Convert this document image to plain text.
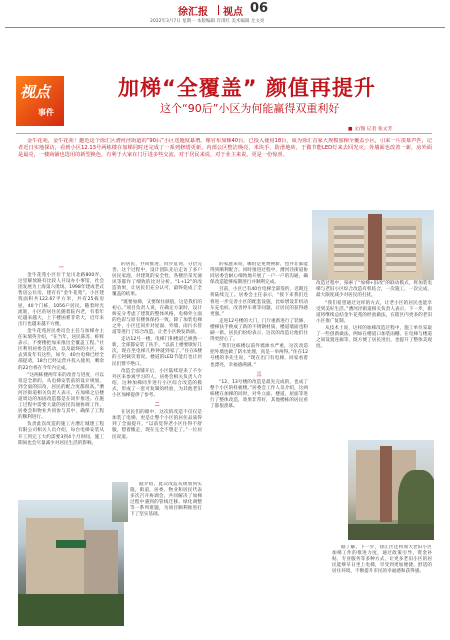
徐汇报 视点 06
2022年3月7日 星期一 本版编辑 许琪红 美术编辑 尤文亮
视点
事件
加梯“全覆盖” 颜值再提升
这个“90后”小区为何能赢得双重利好
■ 文/图 记者 张文芳

金牛花苑，金牛花苑！邀近这个徐汇区漕河泾街道的“90后”小区送题度暴增。像官布加梯40台，已投入使用18台，成为徐汇首家大规模加梯全覆盖小区，引来一片羡慕声匹，记者近日实地探访，看到小区12.13号两栋楼在加梯同时还完成了一系列修缮更新。内部公区整洁焕亮，米块手，防滑地砖，于做节能LED灯来去回光灭；外墙面也改善一新，房外面是最亮，一楼商铺也选用的新型换色，有利于大家在门厅进多些交流，对于居民来说，对于业主来说，更是一份惊喜。

一

金牛花苑小区位于龙川北路800弄，这里解放路有比较人开设办小事馆，社会团发展为上海第六批场。1998年建成老式售房公住房，建有有“金牛花苑”。小区建筑面积共122.67平方米，共有25栋房屋，40个门栋，1056户居民。随着时光流逝，小区的居住民随着院内老，有着年纪越来越大，上下楼困难非常大，近年来出行也越来越不方便。

金牛花苑居民委员会主任与加梯办主任朱瑞英介绍，“在当年，居民陈苏、虾辉表示，不要楼把加来推出全覆盖工程。”社区利用居委会活动，以及最终的小区，来去到发年有这些，如今，40台电梯已经全部提请，18台已经运营并投入使用，剩余的22台将在今年内完成。

“这两栋楼两年来的改善与进度，可以说是全新的，从电梯安装前的设计规划，到全面的旧改，居民的配合度都很高。”漕河泾街道相关负责人表示，在加梯之后楼道周边的加固改造都是在同步推进。在施工过程中需要大量的居民沟通协调工作，居委会和物业共同参与其中，确保了工程的顺利进行。

负责此次改造的施工方漕汇城建工程有限公司相关人员介绍，每台电梯安装从开工到完工大约需要3到4个月时间，施工期间也会尽量减少对居民生活的影响。

的居民，共同推进，同步征询，分层完善。这个过程中，设计团队先后走访了多户居民家庭，对建筑的安全性、各楼层采光通风等都作了细致的比对分析。“1+12”的改造效果，让居民们充分认可，最终促成了全覆盖的结果。

“既要加梯，又要保住颜值，这是我们的初心。”项目负责人说，在确定方案时，设计师充分考虑了建筑的整体风格，电梯外立面的色彩与原有楼体保持一致。除了加装电梯之外，小区还同步对屋面、外墙、雨污水管道等进行了综合改造，让老小区焕发新颜。

走访12号一楼，电梯门和楼道已焕然一新，全部都安装了扶手。“以前上楼要歇好几次，现在坐电梯几秒钟就到家了。”住在6楼的王阿姨笑着说。楼道的LED节能灯也让居民们赞不绝口。

改造全面铺开后，小区陆续迎来了不少外区来参观学习的人。居委会相关负责人介绍，这种加梯同步进行小区综合改造的模式，形成了一套可复制的经验，为其他老旧小区加梯提供了参考。

二

在居民们的眼中，这次的改造不仅仅是加装了电梯，更是让整个小区的居住品质得到了全面提升。“以前觉得老小区住得不舒服，想着搬走，现在完全不想走了。”一位居民说道。

据介绍，此次改造从规划到实施，街道、居委、物业和居民代表多次召开协调会，共同解决了加梯过程中遇到的管线迁移、绿化调整等一系列难题，为项目顺利推进打下了坚实基础。

的家庭来说，哪怕是免费换新，也并非都能得到顺利配合。同时推进过程中，漕河泾街道协同居委会耐心细致地开展了一户一户的沟通，确保改造能够按期进行并顺利完成。

目前，小区已有40台电梯全部签约，近期还将陆续完工。居委会主任表示，“接下来我们还将进一步完善小区的配套设施，比如增设非机动车充电桩、改善停车难等问题，让居民的获得感更强。”

走进12号楼的大门，门厅重新进行了装修，楼梯扶手换成了新的不锈钢材质，楼道墙面也粉刷一新。居民们纷纷表示，这次的改造让他们住得更舒心了。

“我们这栋楼以前外墙渗水严重，这次改造把外墙也做了防水处理，真是一举两得。”住在12号楼的李先生说，“现在出门有电梯，回家看着也漂亮，幸福感满满。”

三

“12、13号楼的改造是最先完成的，也成了整个小区的样板楼。”居委会工作人员介绍，这两栋楼在加梯的同时，对外立面、楼道、屋面等进行了整体改造，效果非常好，其他楼栋的居民看了都很羡慕。

改造过程中，探索了“加梯+旧改”的联动模式，将加装电梯与老旧小区综合改造有机结合，一次施工，一次完成，最大限度减少对居民的打扰。

“我们希望通过这样的方式，让老小区的居民也能享受到美好生活。”漕河泾街道相关负责人表示，下一步，街道将继续总结金牛花苑的经验做法，在辖区内更多的老旧小区推广复制。

从技术上说，这样的加梯改造过程中，施工单位采取了一些创新做法，例如在楼道口加装雨棚、在电梯与楼道之间设置连廊等，既方便了居民进出，也提升了整体美观度。

据了解，下一步，徐汇区还将加大老旧小区加梯工作的推进力度，通过政策引导、资金补贴、专业服务等多种方式，让更多老旧小区的居民能够早日坐上电梯，享受到更加便捷、舒适的居住环境，不断提升市民的幸福感和获得感。
